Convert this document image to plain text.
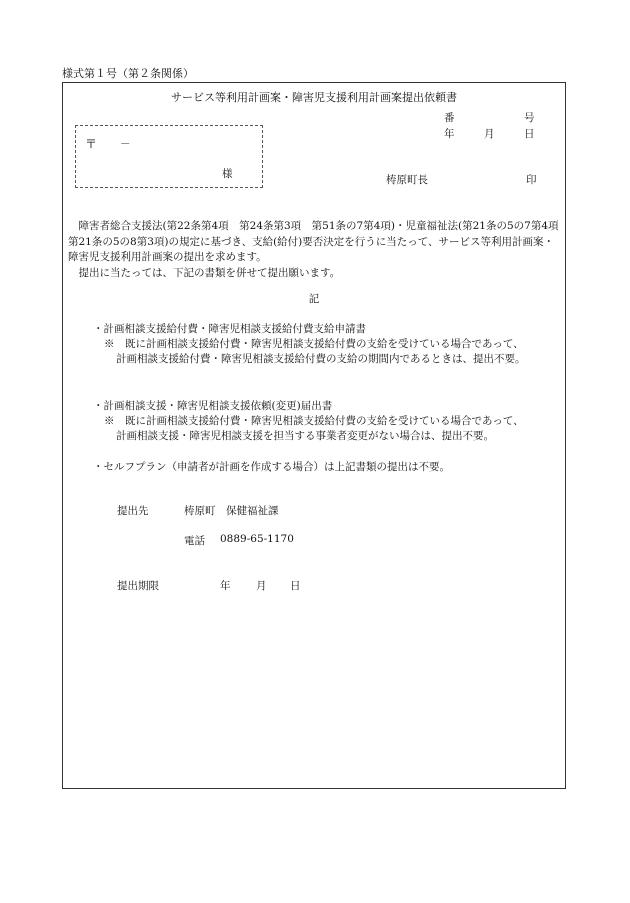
様式第１号（第２条関係）
サービス等利用計画案・障害児支援利用計画案提出依頼書
〒 －
様
番	号
年	月	日
梼原町長	印
　障害者総合支援法(第22条第4項　第24条第3項　第51条の7第4項)・児童福祉法(第21条の5の7第4項　第21条の5の8第3項)の規定に基づき、支給(給付)要否決定を行うに当たって、サービス等利用計画案・障害児支援利用計画案の提出を求めます。
　提出に当たっては、下記の書類を併せて提出願います。
記
・計画相談支援給付費・障害児相談支援給付費支給申請書
※　既に計画相談支援給付費・障害児相談支援給付費の支給を受けている場合であって、
計画相談支援給付費・障害児相談支援給付費の支給の期間内であるときは、提出不要。
・計画相談支援・障害児相談支援依頼(変更)届出書
※　既に計画相談支援給付費・障害児相談支援給付費の支給を受けている場合であって、
計画相談支援・障害児相談支援を担当する事業者変更がない場合は、提出不要。
・セルフプラン（申請者が計画を作成する場合）は上記書類の提出は不要。
提出先	梼原町　保健福祉課
電話 0889-65-1170
提出期限	年 月 日
